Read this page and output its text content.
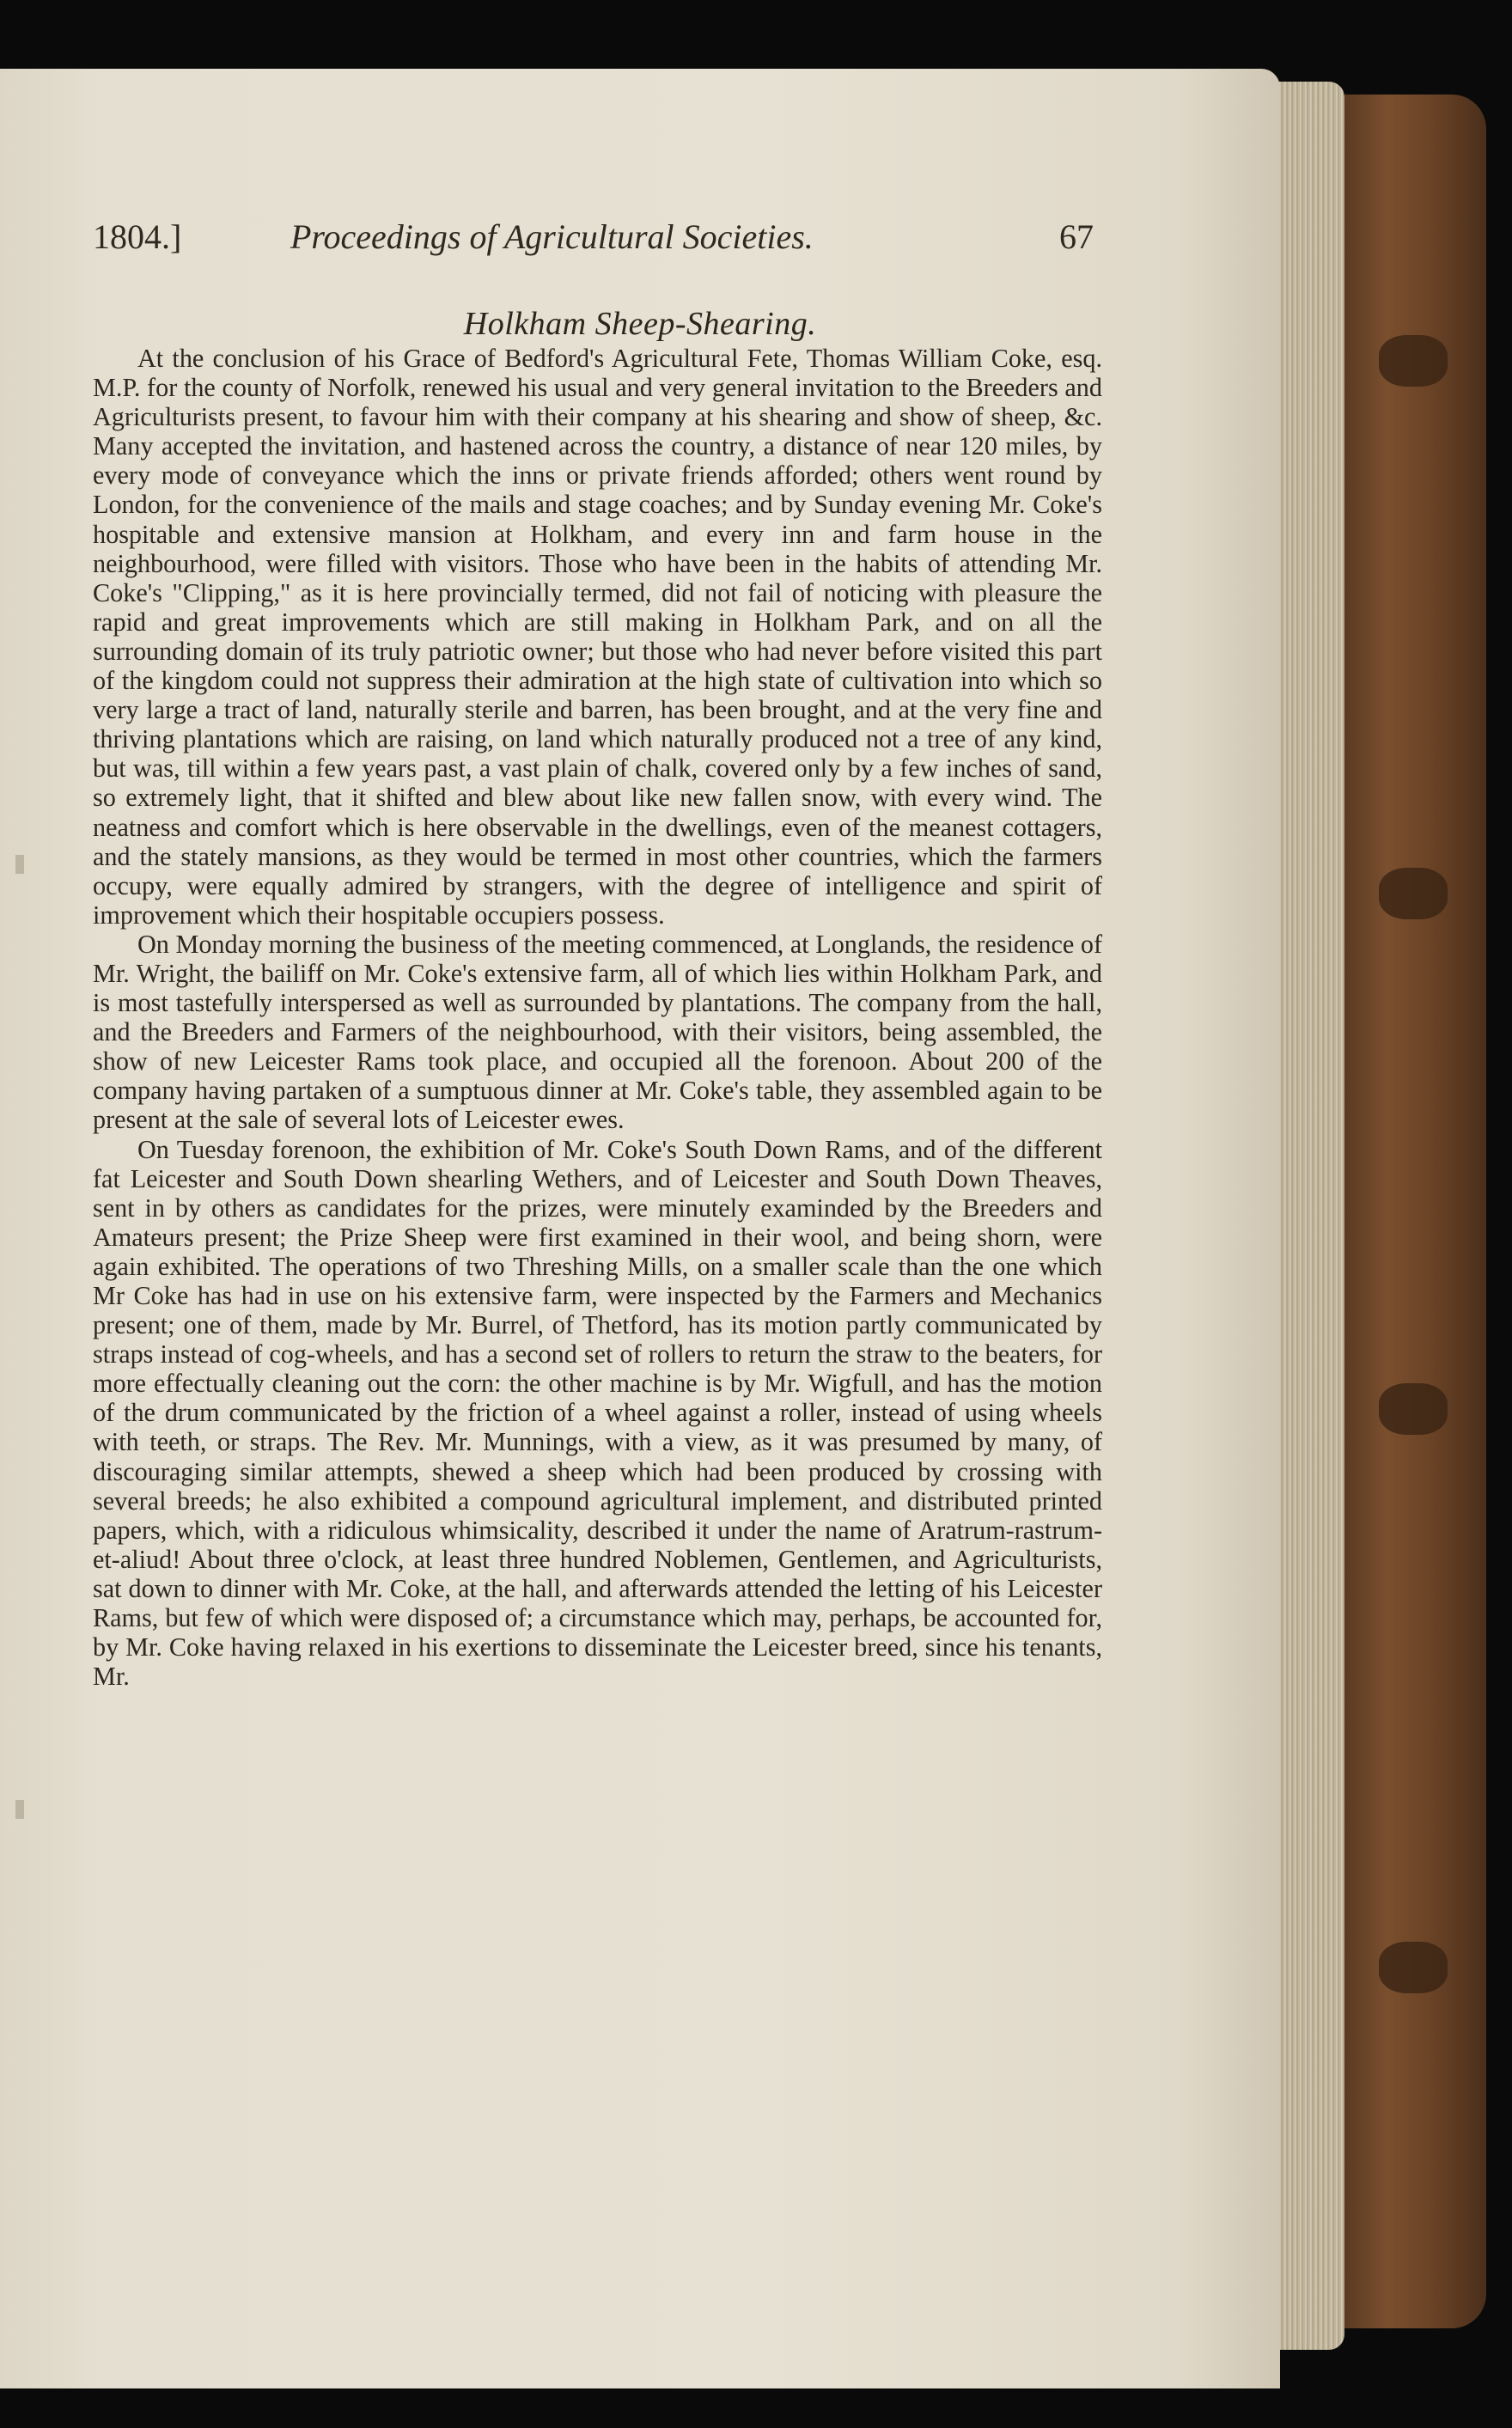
1804.]	Proceedings of Agricultural Societies.	67
Holkham Sheep-Shearing.

At the conclusion of his Grace of Bedford's Agricultural Fete, Thomas William Coke, esq. M.P. for the county of Norfolk, renewed his usual and very general invitation to the Breeders and Agriculturists present, to favour him with their company at his shearing and show of sheep, &c. Many accepted the invitation, and hastened across the country, a distance of near 120 miles, by every mode of conveyance which the inns or private friends afforded; others went round by London, for the convenience of the mails and stage coaches; and by Sunday evening Mr. Coke's hospitable and extensive mansion at Holkham, and every inn and farm house in the neighbourhood, were filled with visitors. Those who have been in the habits of attending Mr. Coke's "Clipping," as it is here provincially termed, did not fail of noticing with pleasure the rapid and great improvements which are still making in Holkham Park, and on all the surrounding domain of its truly patriotic owner; but those who had never before visited this part of the kingdom could not suppress their admiration at the high state of cultivation into which so very large a tract of land, naturally sterile and barren, has been brought, and at the very fine and thriving plantations which are raising, on land which naturally produced not a tree of any kind, but was, till within a few years past, a vast plain of chalk, covered only by a few inches of sand, so extremely light, that it shifted and blew about like new fallen snow, with every wind. The neatness and comfort which is here observable in the dwellings, even of the meanest cottagers, and the stately mansions, as they would be termed in most other countries, which the farmers occupy, were equally admired by strangers, with the degree of intelligence and spirit of improvement which their hospitable occupiers possess.

On Monday morning the business of the meeting commenced, at Longlands, the residence of Mr. Wright, the bailiff on Mr. Coke's extensive farm, all of which lies within Holkham Park, and is most tastefully interspersed as well as surrounded by plantations. The company from the hall, and the Breeders and Farmers of the neighbourhood, with their visitors, being assembled, the show of new Leicester Rams took place, and occupied all the forenoon. About 200 of the company having partaken of a sumptuous dinner at Mr. Coke's table, they assembled again to be present at the sale of several lots of Leicester ewes.

On Tuesday forenoon, the exhibition of Mr. Coke's South Down Rams, and of the different fat Leicester and South Down shearling Wethers, and of Leicester and South Down Theaves, sent in by others as candidates for the prizes, were minutely examinded by the Breeders and Amateurs present; the Prize Sheep were first examined in their wool, and being shorn, were again exhibited. The operations of two Threshing Mills, on a smaller scale than the one which Mr Coke has had in use on his extensive farm, were inspected by the Farmers and Mechanics present; one of them, made by Mr. Burrel, of Thetford, has its motion partly communicated by straps instead of cog-wheels, and has a second set of rollers to return the straw to the beaters, for more effectually cleaning out the corn: the other machine is by Mr. Wigfull, and has the motion of the drum communicated by the friction of a wheel against a roller, instead of using wheels with teeth, or straps. The Rev. Mr. Munnings, with a view, as it was presumed by many, of discouraging similar attempts, shewed a sheep which had been produced by crossing with several breeds; he also exhibited a compound agricultural implement, and distributed printed papers, which, with a ridiculous whimsicality, described it under the name of Aratrum-rastrum-et-aliud! About three o'clock, at least three hundred Noblemen, Gentlemen, and Agriculturists, sat down to dinner with Mr. Coke, at the hall, and afterwards attended the letting of his Leicester Rams, but few of which were disposed of; a circumstance which may, perhaps, be accounted for, by Mr. Coke having relaxed in his exertions to disseminate the Leicester breed, since his tenants, Mr.
